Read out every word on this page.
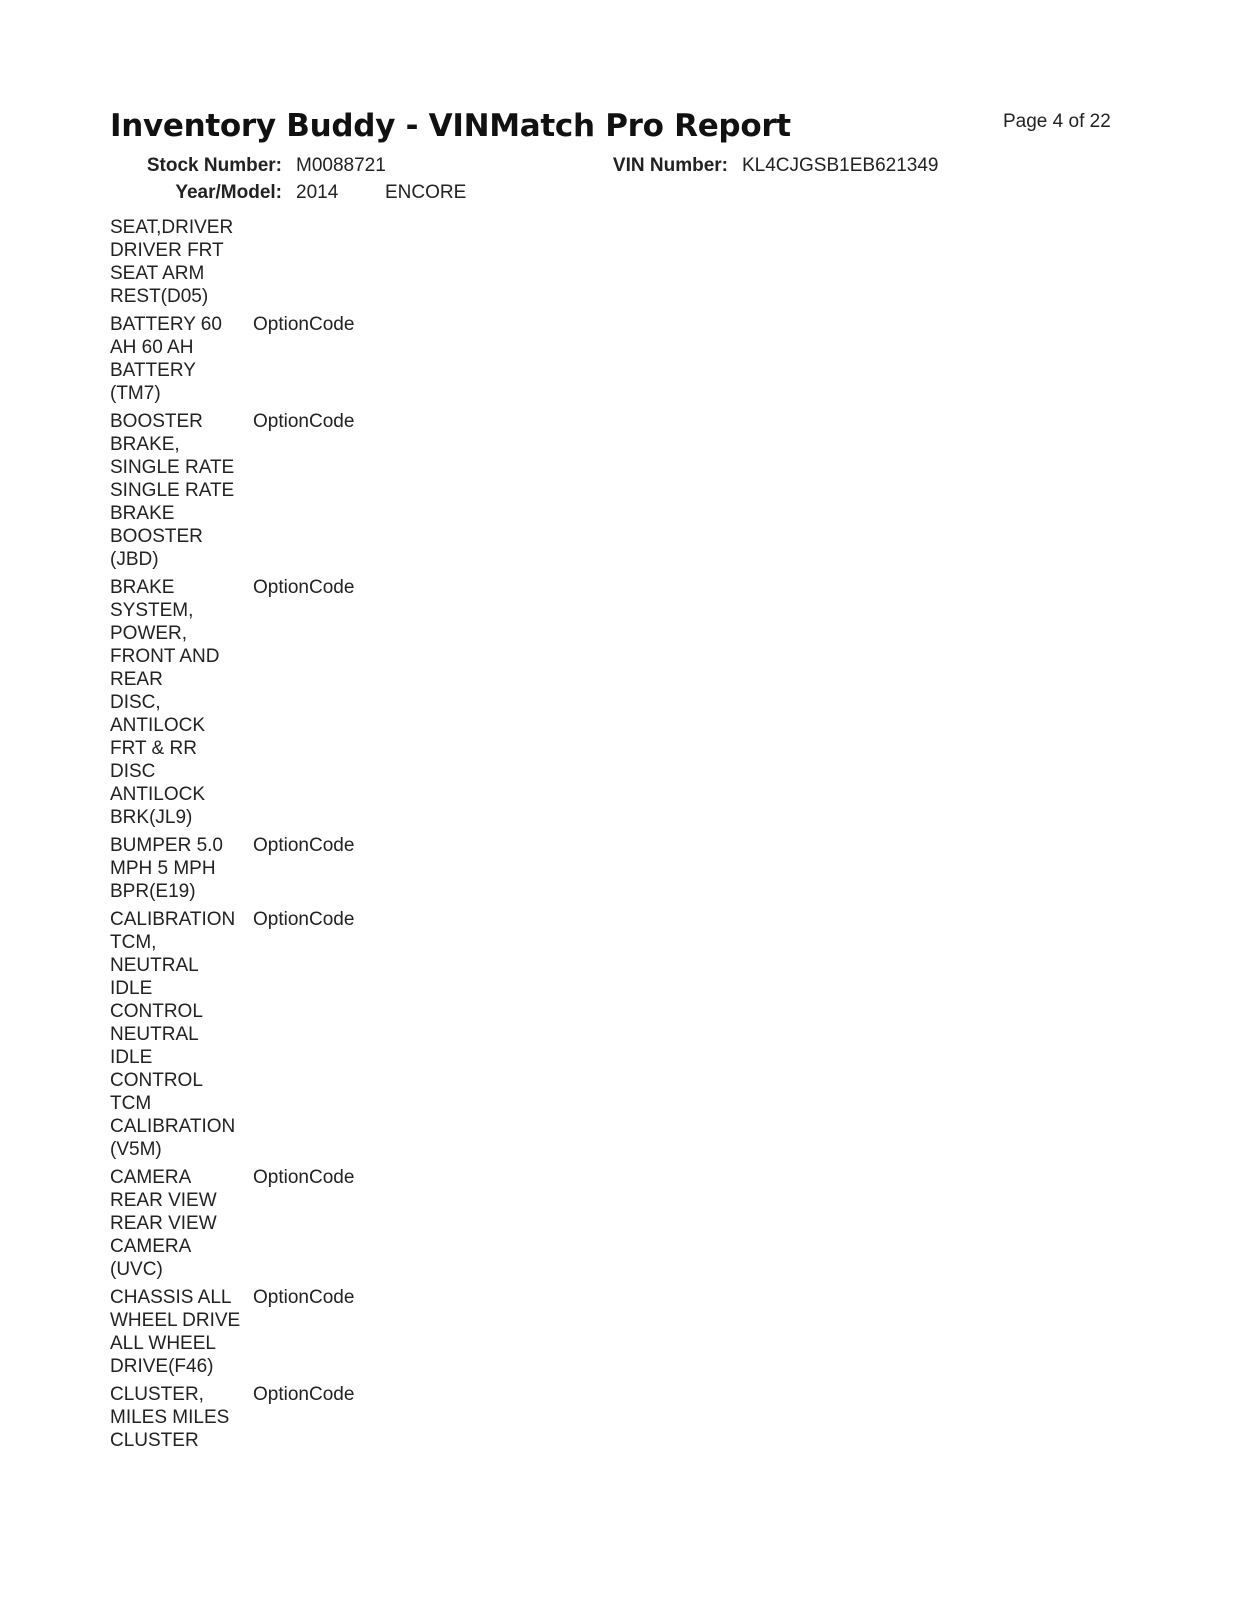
Inventory Buddy - VINMatch Pro Report	Page 4 of 22
Stock Number: M0088721	VIN Number: KL4CJGSB1EB621349
Year/Model: 2014 ENCORE
SEAT,DRIVER
DRIVER FRT
SEAT ARM
REST(D05)
BATTERY 60
AH 60 AH
BATTERY
(TM7)
OptionCode
BOOSTER
BRAKE,
SINGLE RATE
SINGLE RATE
BRAKE
BOOSTER
(JBD)
OptionCode
BRAKE
SYSTEM,
POWER,
FRONT AND
REAR
DISC,
ANTILOCK
FRT & RR
DISC
ANTILOCK
BRK(JL9)
OptionCode
BUMPER 5.0
MPH 5 MPH
BPR(E19)
OptionCode
CALIBRATION
TCM,
NEUTRAL
IDLE
CONTROL
NEUTRAL
IDLE
CONTROL
TCM
CALIBRATION
(V5M)
OptionCode
CAMERA
REAR VIEW
REAR VIEW
CAMERA
(UVC)
OptionCode
CHASSIS ALL
WHEEL DRIVE
ALL WHEEL
DRIVE(F46)
OptionCode
CLUSTER,
MILES MILES
CLUSTER
OptionCode
